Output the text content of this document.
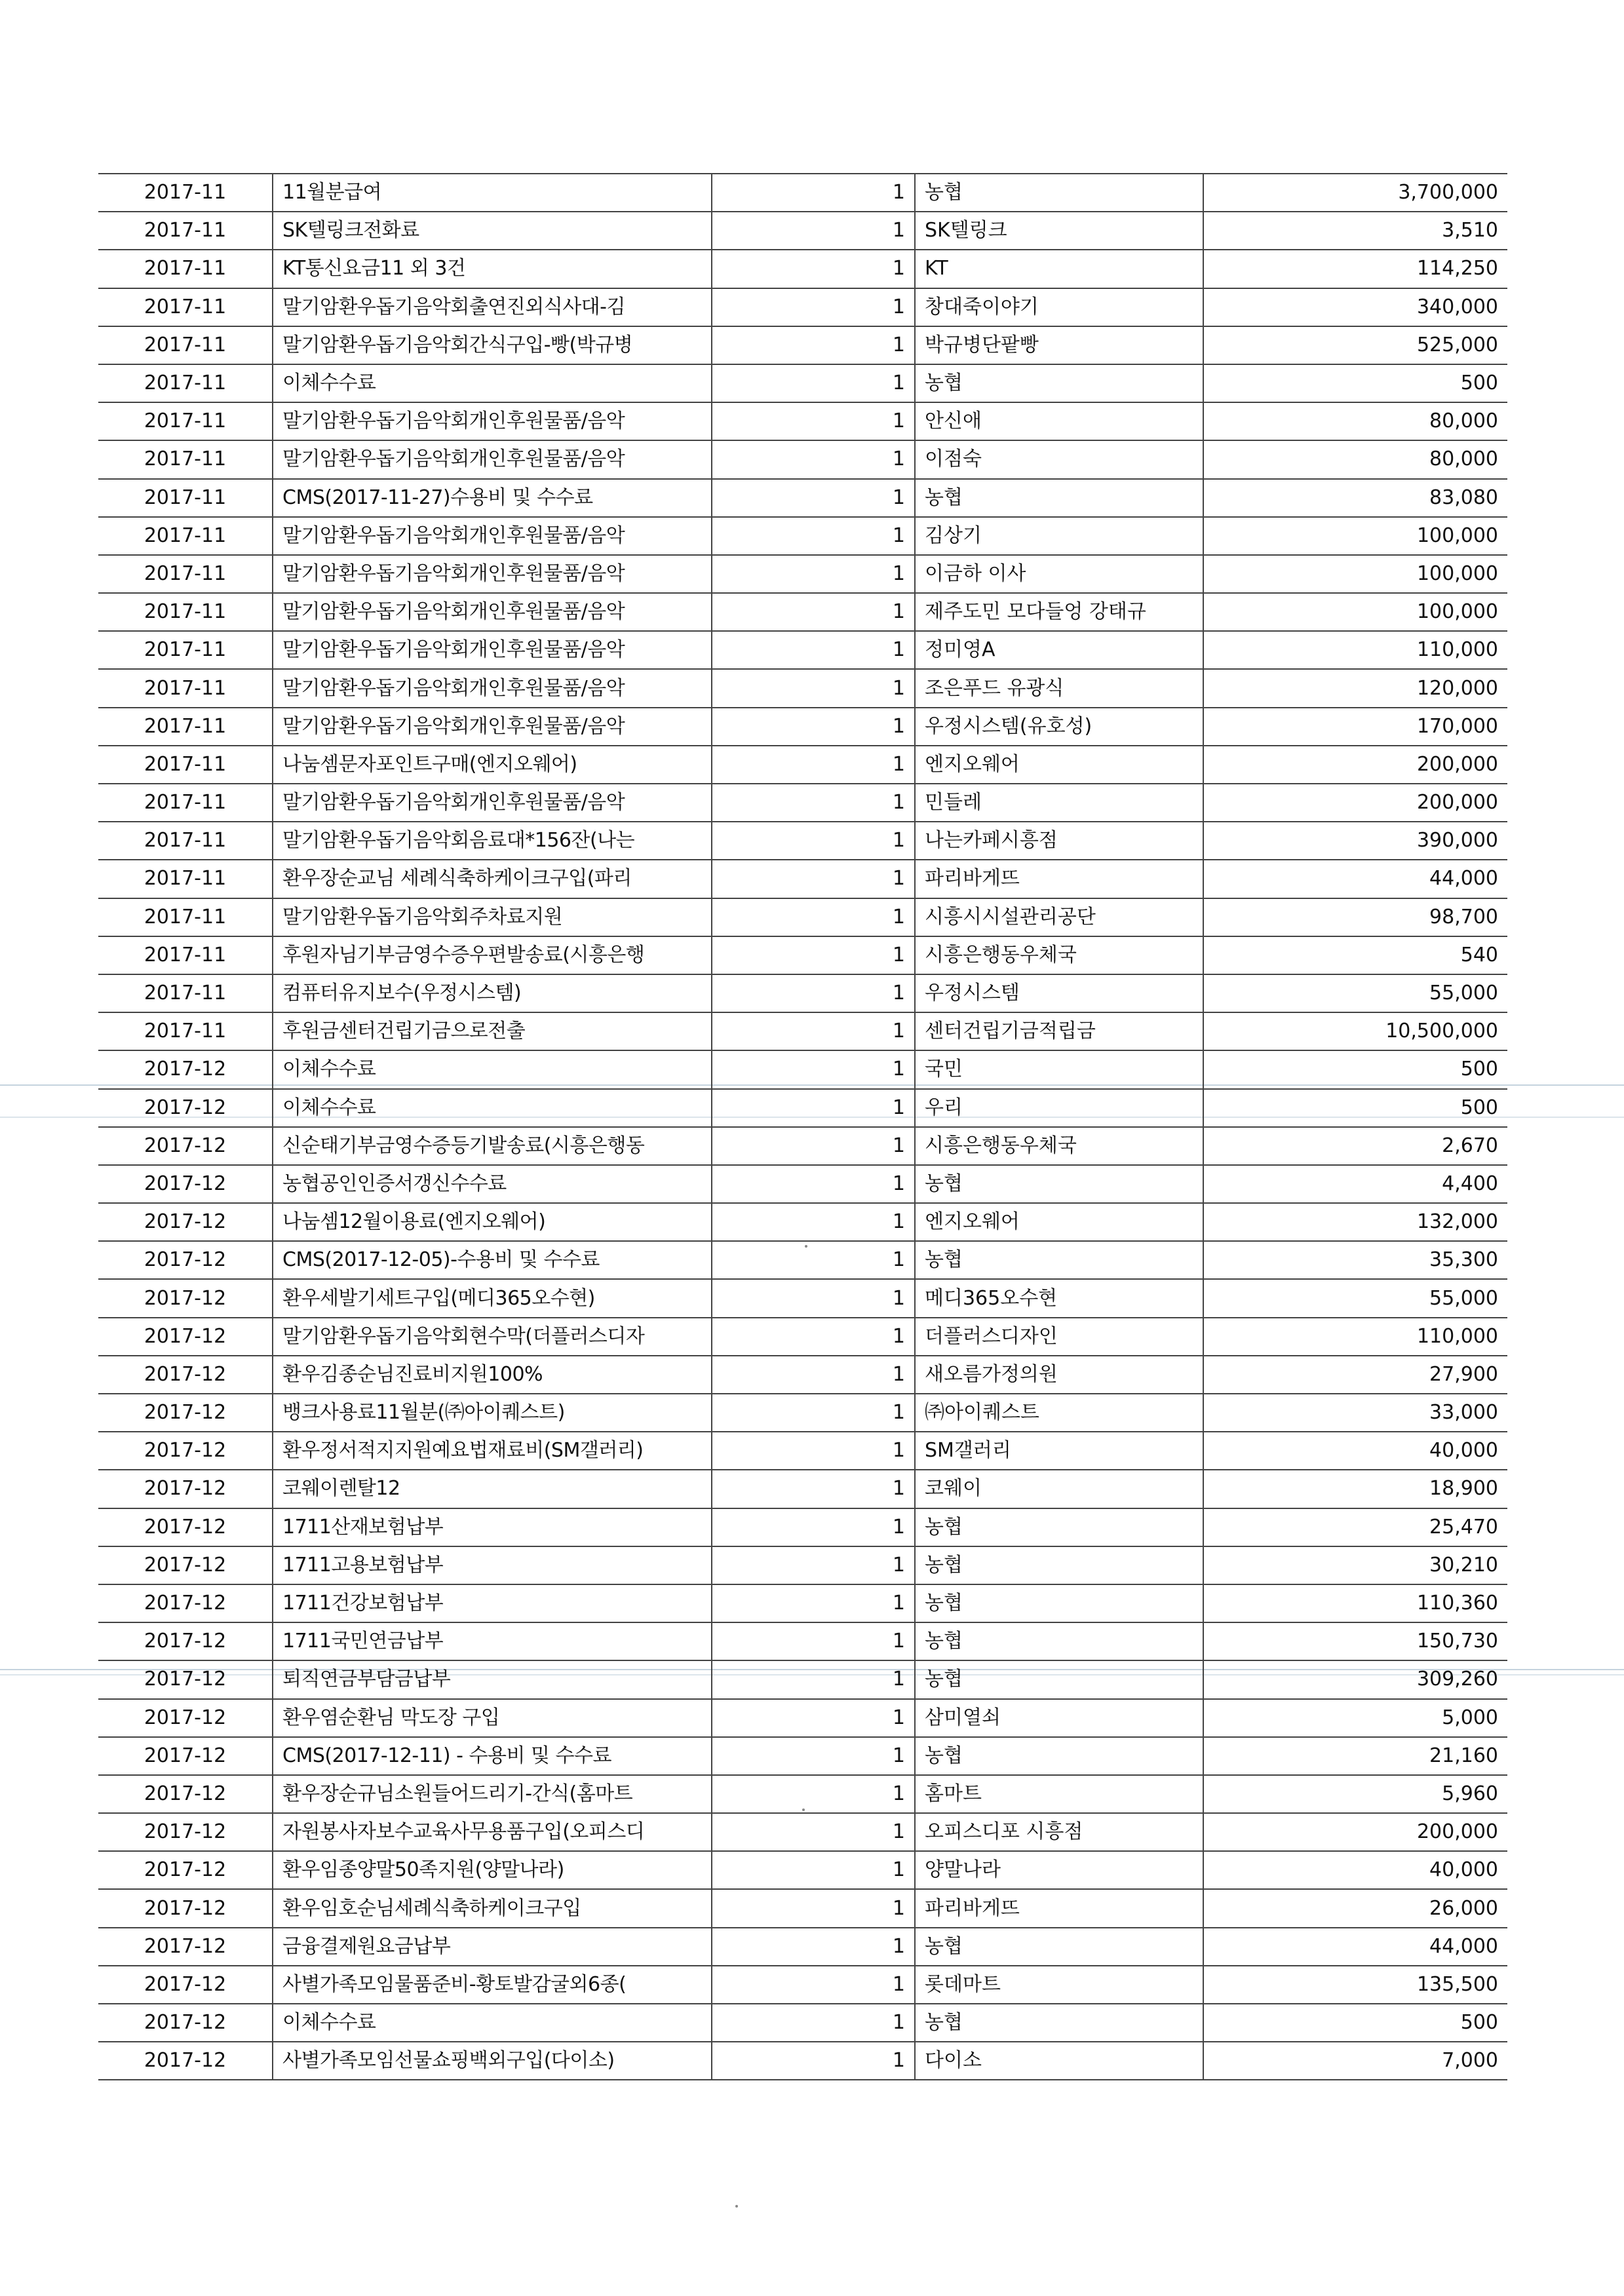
2017-11	11월분급여	1	농협	3,700,000
2017-11	SK텔링크전화료	1	SK텔링크	3,510
2017-11	KT통신요금11 외 3건	1	KT	114,250
2017-11	말기암환우돕기음악회출연진외식사대-김	1	창대죽이야기	340,000
2017-11	말기암환우돕기음악회간식구입-빵(박규병	1	박규병단팥빵	525,000
2017-11	이체수수료	1	농협	500
2017-11	말기암환우돕기음악회개인후원물품/음악	1	안신애	80,000
2017-11	말기암환우돕기음악회개인후원물품/음악	1	이점숙	80,000
2017-11	CMS(2017-11-27)수용비 및 수수료	1	농협	83,080
2017-11	말기암환우돕기음악회개인후원물품/음악	1	김상기	100,000
2017-11	말기암환우돕기음악회개인후원물품/음악	1	이금하 이사	100,000
2017-11	말기암환우돕기음악회개인후원물품/음악	1	제주도민 모다들엉 강태규	100,000
2017-11	말기암환우돕기음악회개인후원물품/음악	1	정미영A	110,000
2017-11	말기암환우돕기음악회개인후원물품/음악	1	조은푸드 유광식	120,000
2017-11	말기암환우돕기음악회개인후원물품/음악	1	우정시스템(유호성)	170,000
2017-11	나눔셈문자포인트구매(엔지오웨어)	1	엔지오웨어	200,000
2017-11	말기암환우돕기음악회개인후원물품/음악	1	민들레	200,000
2017-11	말기암환우돕기음악회음료대*156잔(나는	1	나는카페시흥점	390,000
2017-11	환우장순교님 세례식축하케이크구입(파리	1	파리바게뜨	44,000
2017-11	말기암환우돕기음악회주차료지원	1	시흥시시설관리공단	98,700
2017-11	후원자님기부금영수증우편발송료(시흥은행	1	시흥은행동우체국	540
2017-11	컴퓨터유지보수(우정시스템)	1	우정시스템	55,000
2017-11	후원금센터건립기금으로전출	1	센터건립기금적립금	10,500,000
2017-12	이체수수료	1	국민	500
2017-12	이체수수료	1	우리	500
2017-12	신순태기부금영수증등기발송료(시흥은행동	1	시흥은행동우체국	2,670
2017-12	농협공인인증서갱신수수료	1	농협	4,400
2017-12	나눔셈12월이용료(엔지오웨어)	1	엔지오웨어	132,000
2017-12	CMS(2017-12-05)-수용비 및 수수료	1	농협	35,300
2017-12	환우세발기세트구입(메디365오수현)	1	메디365오수현	55,000
2017-12	말기암환우돕기음악회현수막(더플러스디자	1	더플러스디자인	110,000
2017-12	환우김종순님진료비지원100%	1	새오름가정의원	27,900
2017-12	뱅크사용료11월분(㈜아이퀘스트)	1	㈜아이퀘스트	33,000
2017-12	환우정서적지지원예요법재료비(SM갤러리)	1	SM갤러리	40,000
2017-12	코웨이렌탈12	1	코웨이	18,900
2017-12	1711산재보험납부	1	농협	25,470
2017-12	1711고용보험납부	1	농협	30,210
2017-12	1711건강보험납부	1	농협	110,360
2017-12	1711국민연금납부	1	농협	150,730
2017-12	퇴직연금부담금납부	1	농협	309,260
2017-12	환우염순환님 막도장 구입	1	삼미열쇠	5,000
2017-12	CMS(2017-12-11) - 수용비 및 수수료	1	농협	21,160
2017-12	환우장순규님소원들어드리기-간식(홈마트	1	홈마트	5,960
2017-12	자원봉사자보수교육사무용품구입(오피스디	1	오피스디포 시흥점	200,000
2017-12	환우임종양말50족지원(양말나라)	1	양말나라	40,000
2017-12	환우임호순님세례식축하케이크구입	1	파리바게뜨	26,000
2017-12	금융결제원요금납부	1	농협	44,000
2017-12	사별가족모임물품준비-황토발감굴외6종(	1	롯데마트	135,500
2017-12	이체수수료	1	농협	500
2017-12	사별가족모임선물쇼핑백외구입(다이소)	1	다이소	7,000
